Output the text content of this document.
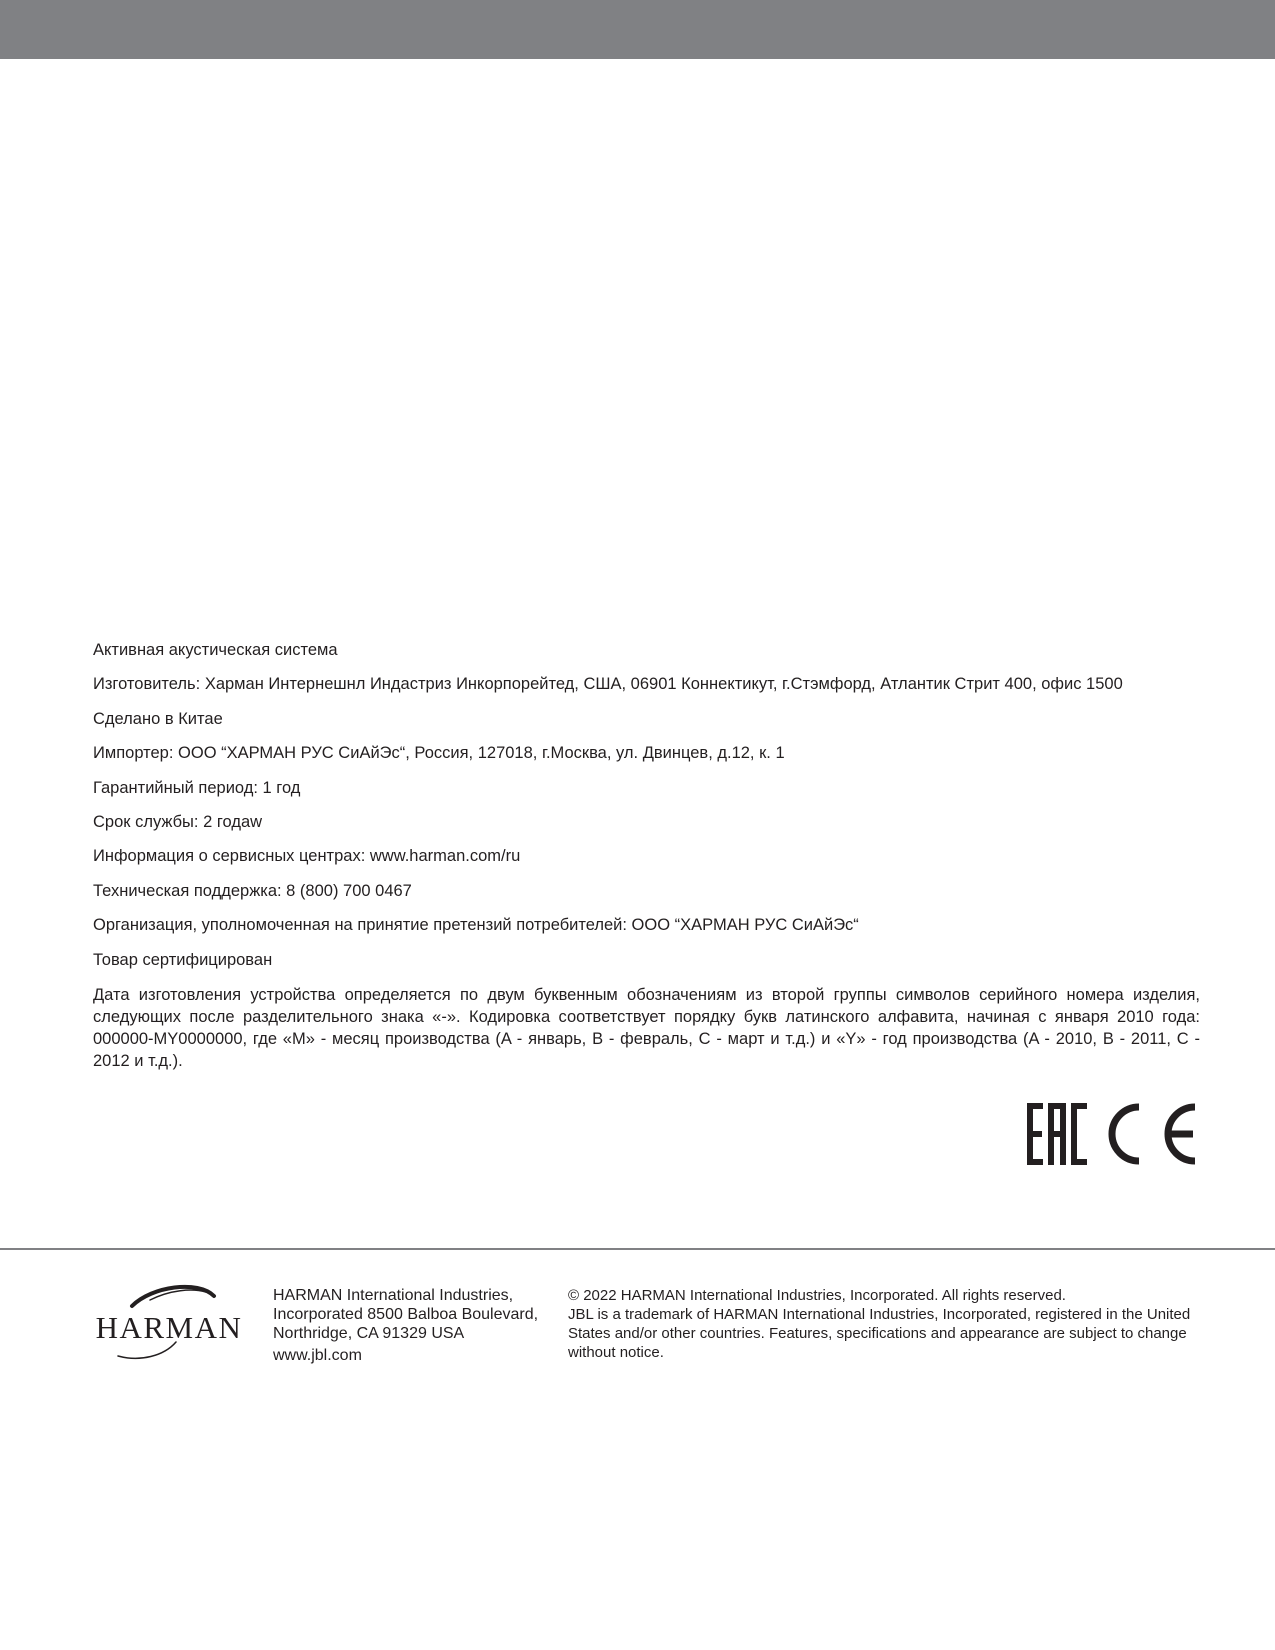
Активная акустическая система

Изготовитель: Харман Интернешнл Индастриз Инкорпорейтед, США, 06901 Коннектикут, г.Стэмфорд, Атлантик Стрит 400, офис 1500

Сделано в Китае

Импортер: ООО “ХАРМАН РУС СиАйЭс“, Россия, 127018, г.Москва, ул. Двинцев, д.12, к. 1

Гарантийный период: 1 год

Срок службы: 2 годaw

Информация о сервисных центрах: www.harman.com/ru

Техническая поддержка: 8 (800) 700 0467

Организация, уполномоченная на принятие претензий потребителей: ООО “ХАРМАН РУС СиАйЭс“

Товар сертифицирован

Дата изготовления устройства определяется по двум буквенным обозначениям из второй группы символов серийного номера изделия, следующих после разделительного знака «-». Кодировка соответствует порядку букв латинского алфавита, начиная с января 2010 года: 000000-MY0000000, где «M» - месяц производства (A - январь, B - февраль, C - март и т.д.) и «Y» - год производства (A - 2010, B - 2011, C - 2012 и т.д.).

HARMAN
HARMAN International Industries,
Incorporated 8500 Balboa Boulevard,
Northridge, CA 91329 USA
www.jbl.com
© 2022 HARMAN International Industries, Incorporated. All rights reserved.
JBL is a trademark of HARMAN International Industries, Incorporated, registered in the United States and/or other countries. Features, specifications and appearance are subject to change without notice.
